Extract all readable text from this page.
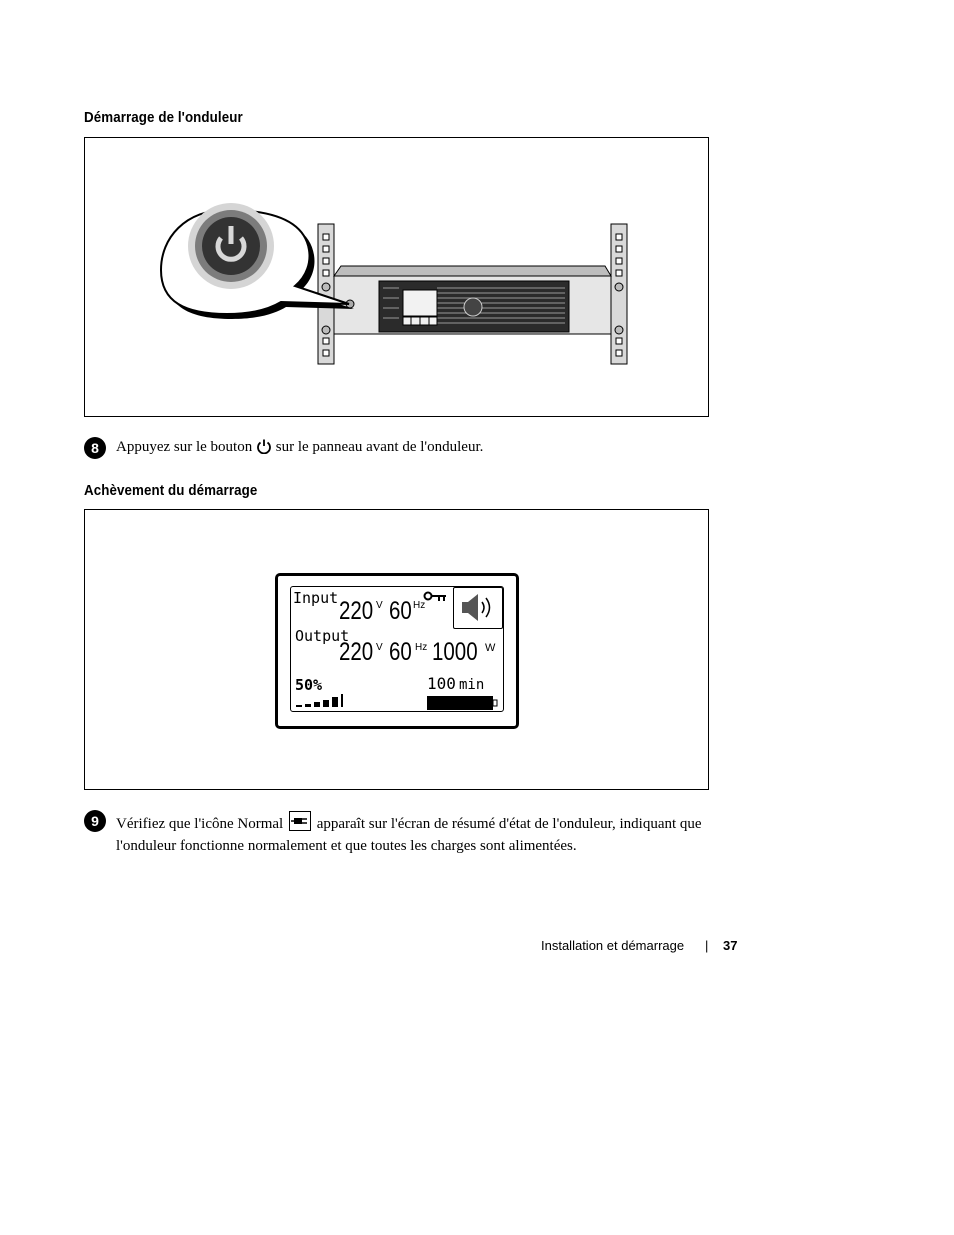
Démarrage de l'onduleur
8	Appuyez sur le bouton sur le panneau avant de l'onduleur.
Achèvement du démarrage
Input 220 V 60 Hz
Output
220 V 60 Hz 1000 W
50%	100 min
9	Vérifiez que l'icône Normal apparaît sur l'écran de résumé d'état de l'onduleur, indiquant que l'onduleur fonctionne normalement et que toutes les charges sont alimentées.
Installation et démarrage | 37
